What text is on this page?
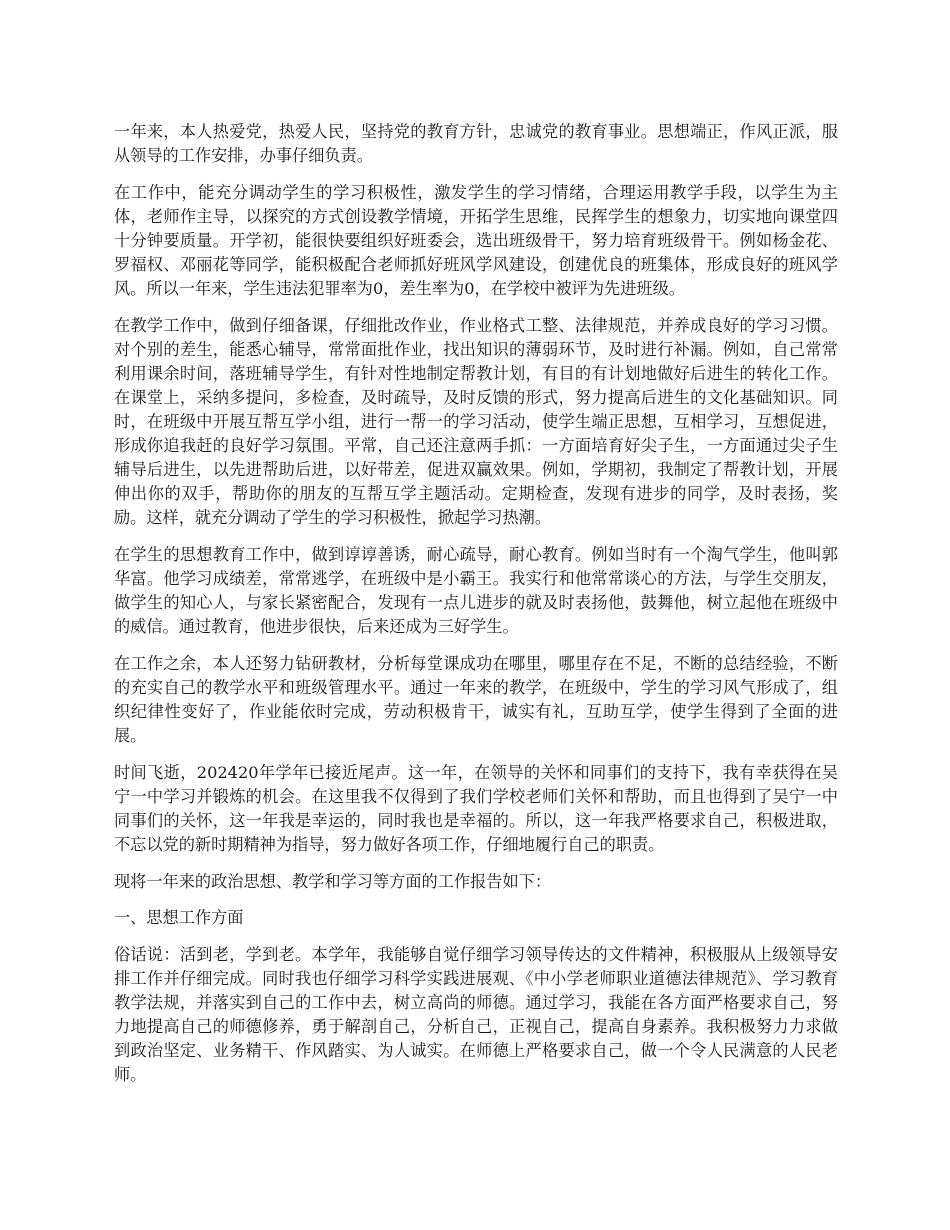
一年来，本人热爱党，热爱人民，坚持党的教育方针，忠诚党的教育事业。思想端正，作风正派，服从领导的工作安排，办事仔细负责。

在工作中，能充分调动学生的学习积极性，激发学生的学习情绪，合理运用教学手段，以学生为主体，老师作主导，以探究的方式创设教学情境，开拓学生思维，民挥学生的想象力，切实地向课堂四十分钟要质量。开学初，能很快要组织好班委会，选出班级骨干，努力培育班级骨干。例如杨金花、罗福权、邓丽花等同学，能积极配合老师抓好班风学风建设，创建优良的班集体，形成良好的班风学风。所以一年来，学生违法犯罪率为0，差生率为0，在学校中被评为先进班级。

在教学工作中，做到仔细备课，仔细批改作业，作业格式工整、法律规范，并养成良好的学习习惯。对个别的差生，能悉心辅导，常常面批作业，找出知识的薄弱环节，及时进行补漏。例如，自己常常利用课余时间，落班辅导学生，有针对性地制定帮教计划，有目的有计划地做好后进生的转化工作。在课堂上，采纳多提问，多检查，及时疏导，及时反馈的形式，努力提高后进生的文化基础知识。同时，在班级中开展互帮互学小组，进行一帮一的学习活动，使学生端正思想，互相学习，互想促进，形成你追我赶的良好学习氛围。平常，自己还注意两手抓：一方面培育好尖子生，一方面通过尖子生辅导后进生，以先进帮助后进，以好带差，促进双赢效果。例如，学期初，我制定了帮教计划，开展伸出你的双手，帮助你的朋友的互帮互学主题活动。定期检查，发现有进步的同学，及时表扬，奖励。这样，就充分调动了学生的学习积极性，掀起学习热潮。

在学生的思想教育工作中，做到谆谆善诱，耐心疏导，耐心教育。例如当时有一个淘气学生，他叫郭华富。他学习成绩差，常常逃学，在班级中是小霸王。我实行和他常常谈心的方法，与学生交朋友，做学生的知心人，与家长紧密配合，发现有一点儿进步的就及时表扬他，鼓舞他，树立起他在班级中的威信。通过教育，他进步很快，后来还成为三好学生。

在工作之余，本人还努力钻研教材，分析每堂课成功在哪里，哪里存在不足，不断的总结经验，不断的充实自己的教学水平和班级管理水平。通过一年来的教学，在班级中，学生的学习风气形成了，组织纪律性变好了，作业能依时完成，劳动积极肯干，诚实有礼，互助互学，使学生得到了全面的进展。

时间飞逝，202420年学年已接近尾声。这一年，在领导的关怀和同事们的支持下，我有幸获得在吴宁一中学习并锻炼的机会。在这里我不仅得到了我们学校老师们关怀和帮助，而且也得到了吴宁一中同事们的关怀，这一年我是幸运的，同时我也是幸福的。所以，这一年我严格要求自己，积极进取，不忘以党的新时期精神为指导，努力做好各项工作，仔细地履行自己的职责。

现将一年来的政治思想、教学和学习等方面的工作报告如下：

一、思想工作方面

俗话说：活到老，学到老。本学年，我能够自觉仔细学习领导传达的文件精神，积极服从上级领导安排工作并仔细完成。同时我也仔细学习科学实践进展观、《中小学老师职业道德法律规范》、学习教育教学法规，并落实到自己的工作中去，树立高尚的师德。通过学习，我能在各方面严格要求自己，努力地提高自己的师德修养，勇于解剖自己，分析自己，正视自己，提高自身素养。我积极努力力求做到政治坚定、业务精干、作风踏实、为人诚实。在师德上严格要求自己，做一个令人民满意的人民老师。
